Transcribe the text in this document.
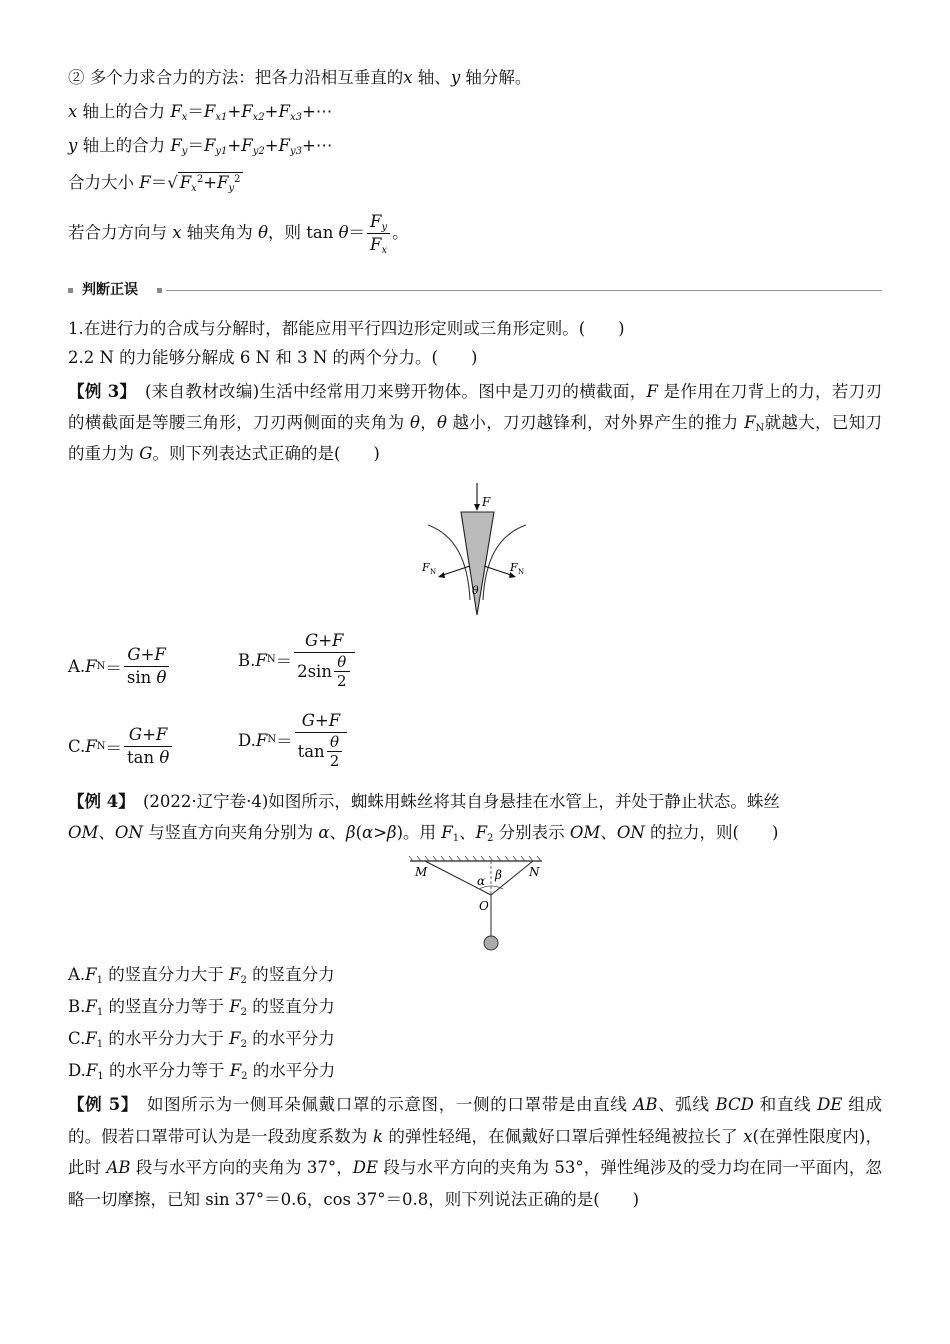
② 多个力求合力的方法：把各力沿相互垂直的x 轴、y 轴分解。
x 轴上的合力 $F_x=F_{x1}+F_{x2}+F_{x3}+\cdots$
y 轴上的合力 $F_y=F_{y1}+F_{y2}+F_{y3}+\cdots$
合力大小 F＝√ $F_x^2+F_y^2$
若合力方向与 x 轴夹角为 θ，则 $\tan \theta= \frac{F_y}{F_x}$ 。
判断正误
1.在进行力的合成与分解时，都能应用平行四边形定则或三角形定则。(　　)
2.2 N 的力能够分解成 6 N 和 3 N 的两个分力。(　　)
【例 3】　(来自教材改编)生活中经常用刀来劈开物体。图中是刀刃的横截面，F 是作用在刀背上的力，若刀刃的横截面是等腰三角形，刀刃两侧面的夹角为 θ，θ 越小，刀刃越锋利，对外界产生的推力 $F_N$就越大，已知刀的重力为 G。则下列表达式正确的是(　　)
F
F N	F N
θ
A. F $N = \frac{G+F}{\text{sin θ}}$	B. F $N = \frac{G+F}{2\sin \frac{\theta}{2}}$
C. F $N = \frac{G+F}{\text{tan θ}}$	D. F $N = \frac{G+F}{\tan \frac{\theta}{2}}$
【例 4】　(2022·辽宁卷·4)如图所示，蜘蛛用蛛丝将其自身悬挂在水管上，并处于静止状态。蛛丝
OM、ON 与竖直方向夹角分别为 α、β(α>β)。用 $F_1$、$F_2$ 分别表示 OM、ON 的拉力，则(　　)
M	N
O
α β
$A.F_1$ 的竖直分力大于 $F_2$ 的竖直分力
$B.F_1$ 的竖直分力等于 $F_2$ 的竖直分力
$C.F_1$ 的水平分力大于 $F_2$ 的水平分力
$D.F_1$ 的水平分力等于 $F_2$ 的水平分力
【例 5】　如图所示为一侧耳朵佩戴口罩的示意图，一侧的口罩带是由直线 AB、弧线 BCD 和直线 DE 组成的。假若口罩带可认为是一段劲度系数为 k 的弹性轻绳，在佩戴好口罩后弹性轻绳被拉长了 x(在弹性限度内)，此时 AB 段与水平方向的夹角为 37°，DE 段与水平方向的夹角为 53°，弹性绳涉及的受力均在同一平面内，忽略一切摩擦，已知 sin 37°＝0.6，cos 37°＝0.8，则下列说法正确的是(　　)
